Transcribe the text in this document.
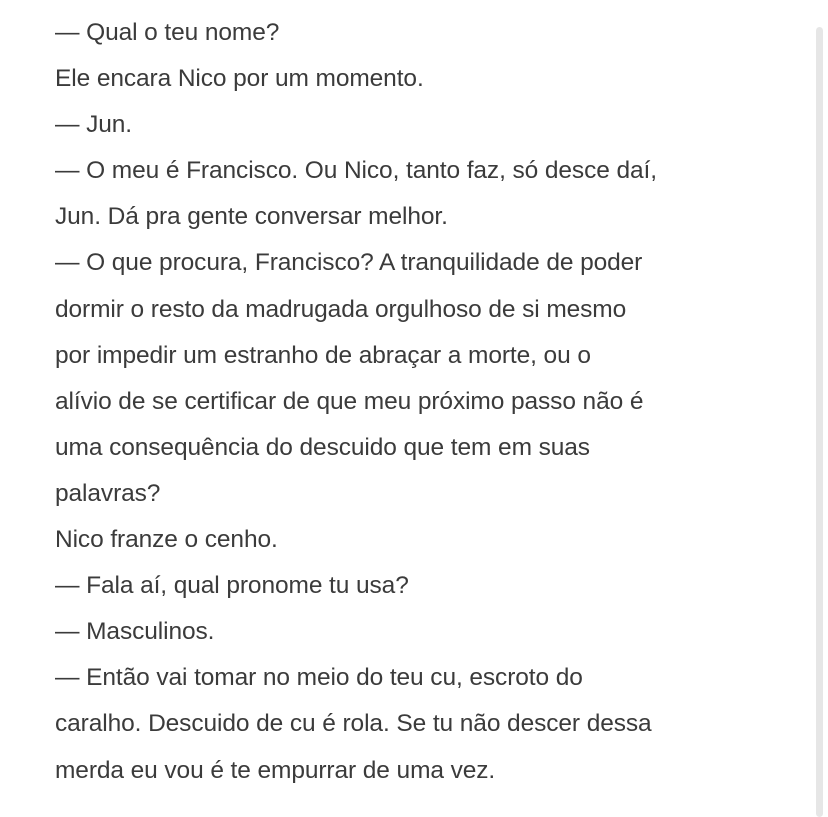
— Qual o teu nome?
Ele encara Nico por um momento.
— Jun.
— O meu é Francisco. Ou Nico, tanto faz, só desce daí,
Jun. Dá pra gente conversar melhor.
— O que procura, Francisco? A tranquilidade de poder
dormir o resto da madrugada orgulhoso de si mesmo
por impedir um estranho de abraçar a morte, ou o
alívio de se certificar de que meu próximo passo não é
uma consequência do descuido que tem em suas
palavras?
Nico franze o cenho.
— Fala aí, qual pronome tu usa?
— Masculinos.
— Então vai tomar no meio do teu cu, escroto do
caralho. Descuido de cu é rola. Se tu não descer dessa
merda eu vou é te empurrar de uma vez.
